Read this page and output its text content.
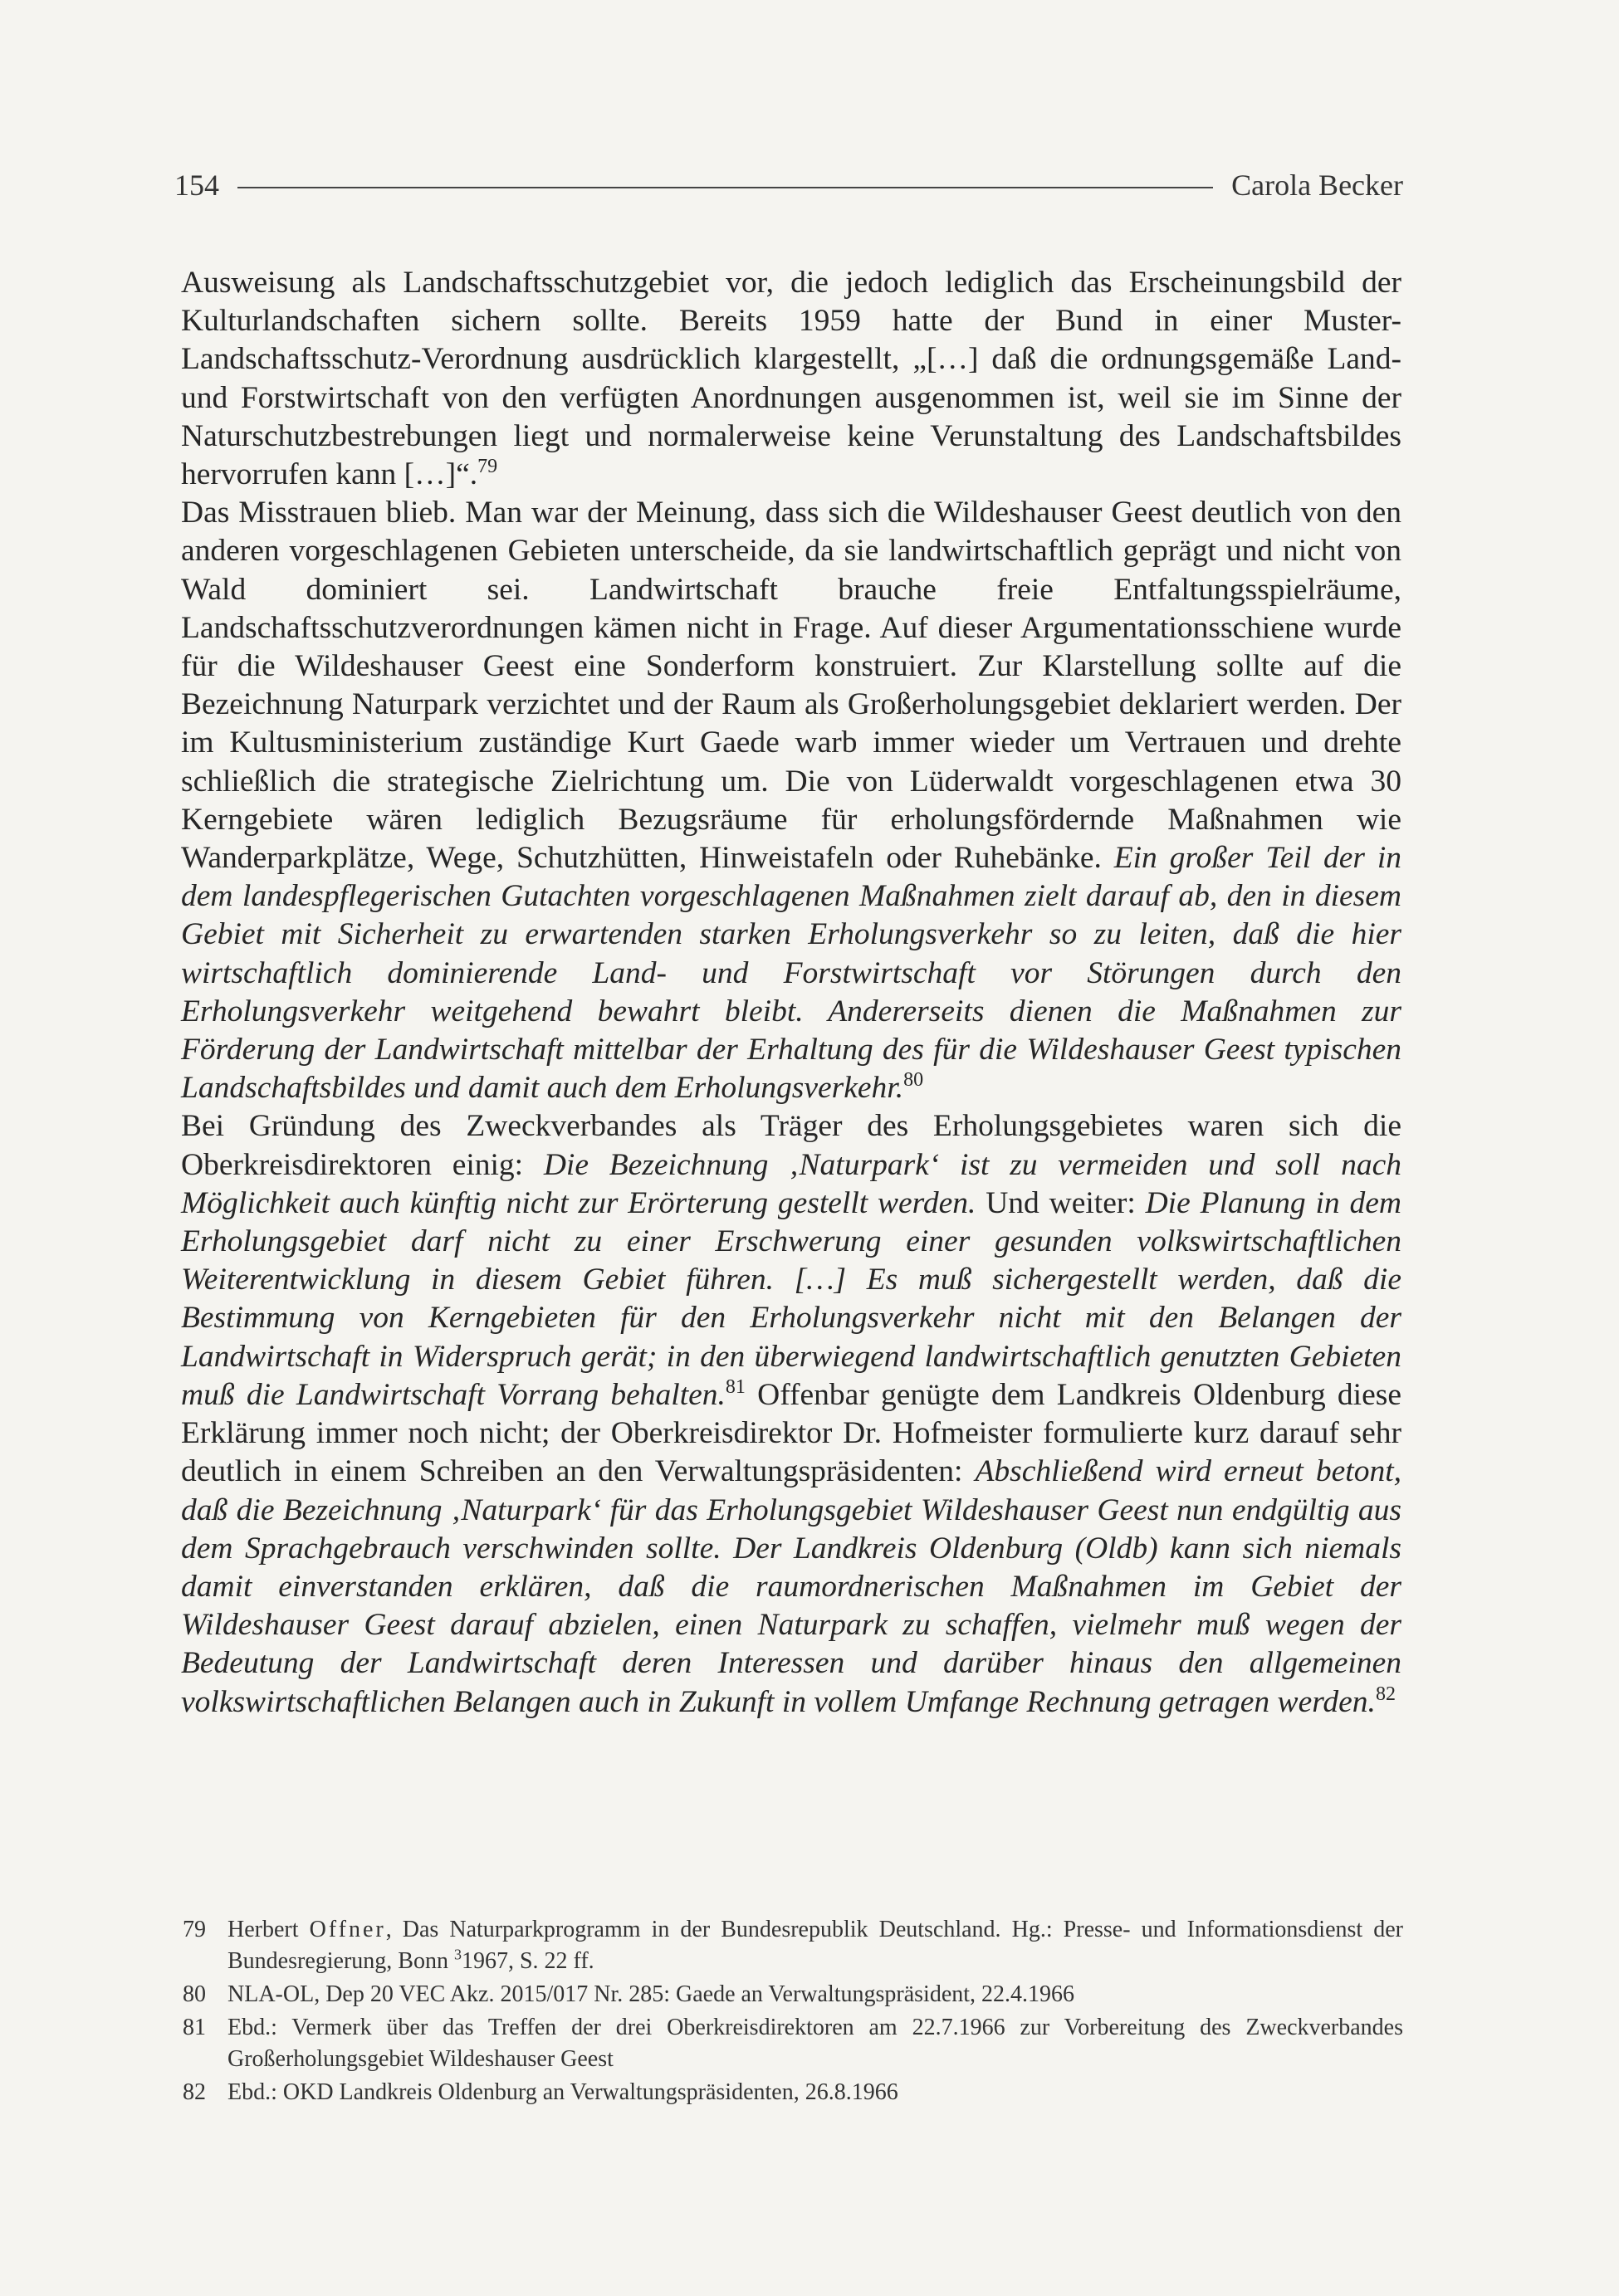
154	Carola Becker

Ausweisung als Landschaftsschutzgebiet vor, die jedoch lediglich das Erscheinungsbild der Kulturlandschaften sichern sollte. Bereits 1959 hatte der Bund in einer Muster-Landschaftsschutz-Verordnung ausdrücklich klargestellt, „[…] daß die ordnungsgemäße Land- und Forstwirtschaft von den verfügten Anordnungen ausgenommen ist, weil sie im Sinne der Naturschutzbestrebungen liegt und normalerweise keine Verunstaltung des Landschaftsbildes hervorrufen kann […]“.$^{79}$

Das Misstrauen blieb. Man war der Meinung, dass sich die Wildeshauser Geest deutlich von den anderen vorgeschlagenen Gebieten unterscheide, da sie landwirtschaftlich geprägt und nicht von Wald dominiert sei. Landwirtschaft brauche freie Entfaltungsspielräume, Landschaftsschutzverordnungen kämen nicht in Frage. Auf dieser Argumentationsschiene wurde für die Wildeshauser Geest eine Sonderform konstruiert. Zur Klarstellung sollte auf die Bezeichnung Naturpark verzichtet und der Raum als Großerholungsgebiet deklariert werden. Der im Kultusministerium zuständige Kurt Gaede warb immer wieder um Vertrauen und drehte schließlich die strategische Zielrichtung um. Die von Lüderwaldt vorgeschlagenen etwa 30 Kerngebiete wären lediglich Bezugsräume für erholungsfördernde Maßnahmen wie Wanderparkplätze, Wege, Schutzhütten, Hinweistafeln oder Ruhebänke. Ein großer Teil der in dem landespflegerischen Gutachten vorgeschlagenen Maßnahmen zielt darauf ab, den in diesem Gebiet mit Sicherheit zu erwartenden starken Erholungsverkehr so zu leiten, daß die hier wirtschaftlich dominierende Land- und Forstwirtschaft vor Störungen durch den Erholungsverkehr weitgehend bewahrt bleibt. Andererseits dienen die Maßnahmen zur Förderung der Landwirtschaft mittelbar der Erhaltung des für die Wildeshauser Geest typischen Landschaftsbildes und damit auch dem Erholungsverkehr.$^{80}$

Bei Gründung des Zweckverbandes als Träger des Erholungsgebietes waren sich die Oberkreisdirektoren einig: Die Bezeichnung ‚Naturpark‘ ist zu vermeiden und soll nach Möglichkeit auch künftig nicht zur Erörterung gestellt werden. Und weiter: Die Planung in dem Erholungsgebiet darf nicht zu einer Erschwerung einer gesunden volkswirtschaftlichen Weiterentwicklung in diesem Gebiet führen. […] Es muß sichergestellt werden, daß die Bestimmung von Kerngebieten für den Erholungsverkehr nicht mit den Belangen der Landwirtschaft in Widerspruch gerät; in den überwiegend landwirtschaftlich genutzten Gebieten muß die Landwirtschaft Vorrang behalten.$^{81}$ Offenbar genügte dem Landkreis Oldenburg diese Erklärung immer noch nicht; der Oberkreisdirektor Dr. Hofmeister formulierte kurz darauf sehr deutlich in einem Schreiben an den Verwaltungspräsidenten: Abschließend wird erneut betont, daß die Bezeichnung ‚Naturpark‘ für das Erholungsgebiet Wildeshauser Geest nun endgültig aus dem Sprachgebrauch verschwinden sollte. Der Landkreis Oldenburg (Oldb) kann sich niemals damit einverstanden erklären, daß die raumordnerischen Maßnahmen im Gebiet der Wildeshauser Geest darauf abzielen, einen Naturpark zu schaffen, vielmehr muß wegen der Bedeutung der Landwirtschaft deren Interessen und darüber hinaus den allgemeinen volkswirtschaftlichen Belangen auch in Zukunft in vollem Umfange Rechnung getragen werden.$^{82}$

79 Herbert Offner, Das Naturparkprogramm in der Bundesrepublik Deutschland. Hg.: Presse- und Informationsdienst der Bundesregierung, Bonn $^3$1967, S. 22 ff.
80 NLA-OL, Dep 20 VEC Akz. 2015/017 Nr. 285: Gaede an Verwaltungspräsident, 22.4.1966
81 Ebd.: Vermerk über das Treffen der drei Oberkreisdirektoren am 22.7.1966 zur Vorbereitung des Zweckverbandes Großerholungsgebiet Wildeshauser Geest
82 Ebd.: OKD Landkreis Oldenburg an Verwaltungspräsidenten, 26.8.1966
